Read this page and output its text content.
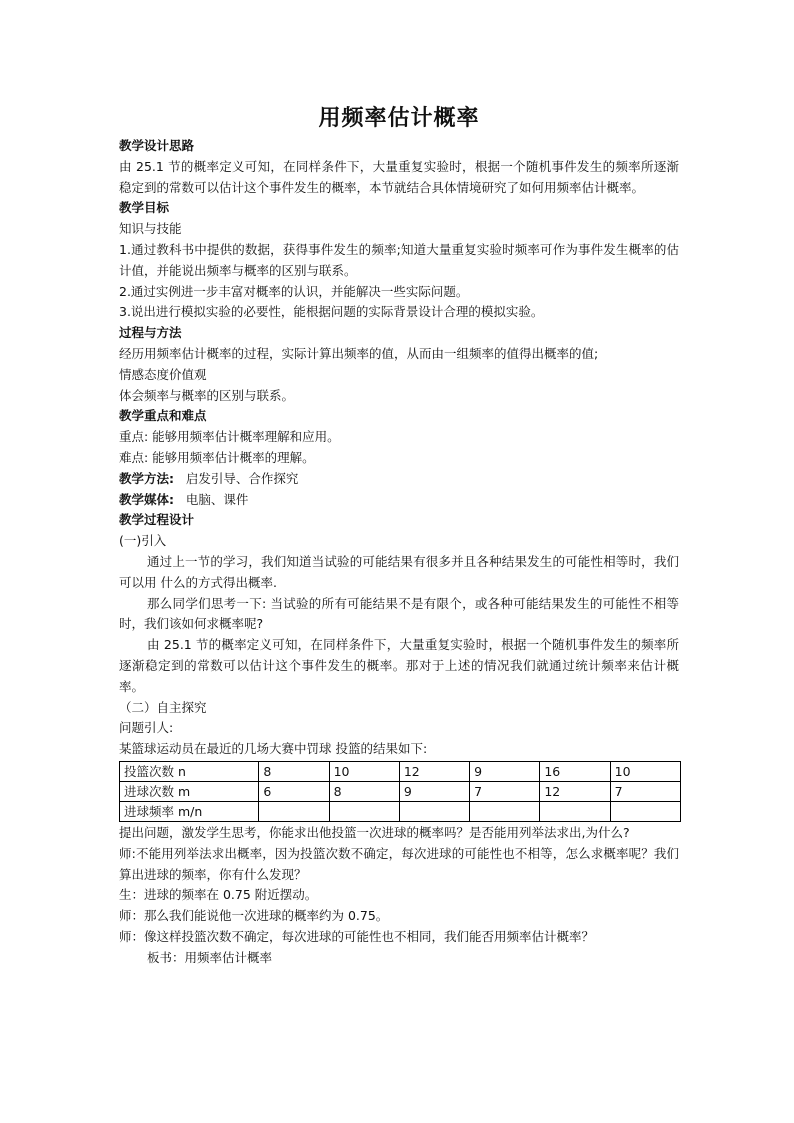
用频率估计概率

教学设计思路

由 25.1 节的概率定义可知，在同样条件下，大量重复实验时，根据一个随机事件发生的频率所逐渐稳定到的常数可以估计这个事件发生的概率，本节就结合具体情境研究了如何用频率估计概率。

教学目标

知识与技能

1.通过教科书中提供的数据，获得事件发生的频率;知道大量重复实验时频率可作为事件发生概率的估计值，并能说出频率与概率的区别与联系。

2.通过实例进一步丰富对概率的认识，并能解决一些实际问题。

3.说出进行模拟实验的必要性，能根据问题的实际背景设计合理的模拟实验。

过程与方法

经历用频率估计概率的过程，实际计算出频率的值，从而由一组频率的值得出概率的值;

情感态度价值观

体会频率与概率的区别与联系。

教学重点和难点

重点: 能够用频率估计概率理解和应用。

难点: 能够用频率估计概率的理解。

教学方法: 启发引导、合作探究

教学媒体: 电脑、课件

教学过程设计

(一)引入

通过上一节的学习，我们知道当试验的可能结果有很多并且各种结果发生的可能性相等时，我们可以用 什么的方式得出概率.

那么同学们思考一下: 当试验的所有可能结果不是有限个，或各种可能结果发生的可能性不相等时，我们该如何求概率呢?

由 25.1 节的概率定义可知，在同样条件下，大量重复实验时，根据一个随机事件发生的频率所逐渐稳定到的常数可以估计这个事件发生的概率。那对于上述的情况我们就通过统计频率来估计概率。

（二）自主探究

问题引人:

某篮球运动员在最近的几场大赛中罚球 投篮的结果如下:

投篮次数 n	8	10	12	9	16	10
进球次数 m	6	8	9	7	12	7
进球频率 m/n						

提出问题，激发学生思考，你能求出他投篮一次进球的概率吗？是否能用列举法求出,为什么?

师:不能用列举法求出概率，因为投篮次数不确定，每次进球的可能性也不相等，怎么求概率呢？我们算出进球的频率，你有什么发现？

生：进球的频率在 0.75 附近摆动。

师：那么我们能说他一次进球的概率约为 0.75。

师：像这样投篮次数不确定，每次进球的可能性也不相同，我们能否用频率估计概率？

板书：用频率估计概率
